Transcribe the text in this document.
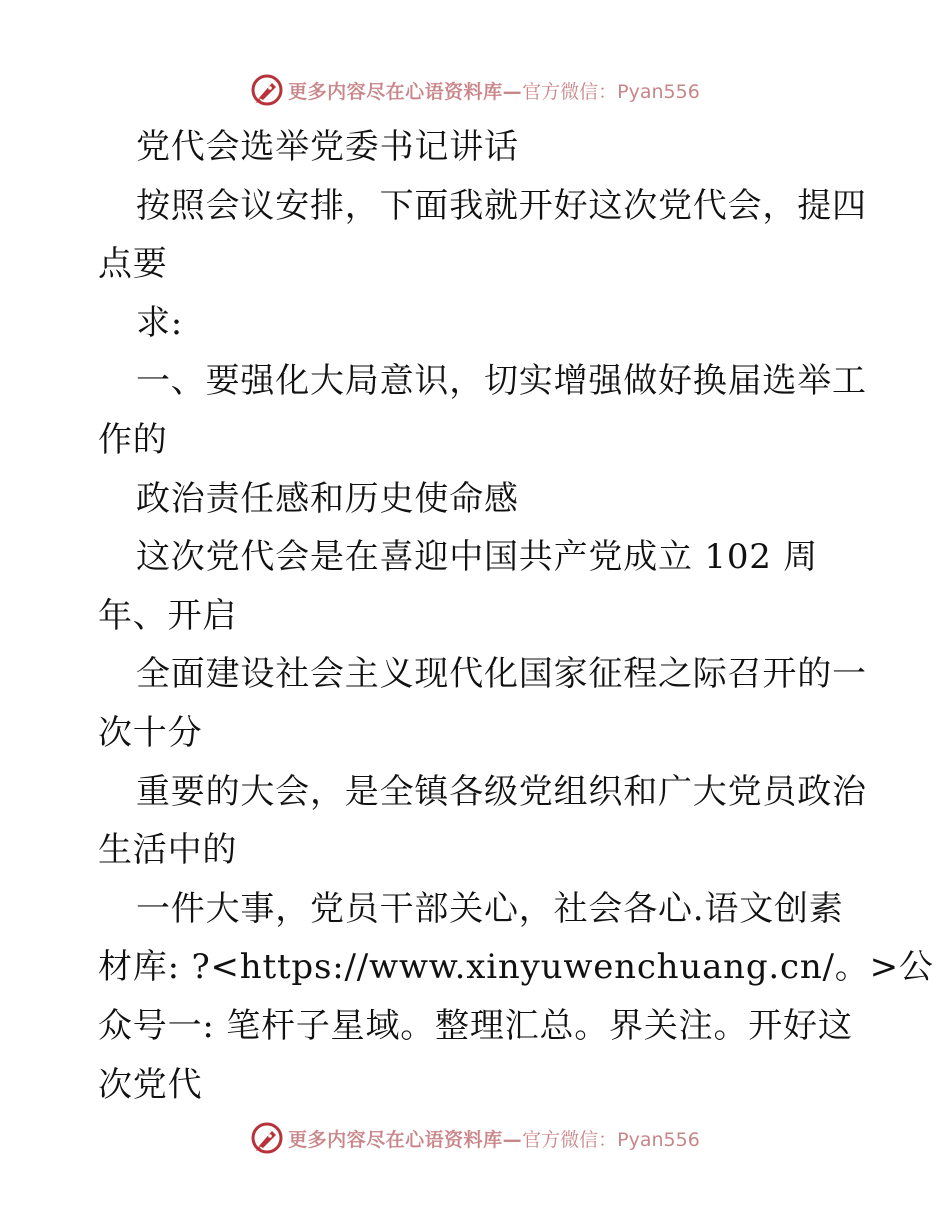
更多内容尽在心语资料库— 官方微信：Pyan556
党代会选举党委书记讲话
按照会议安排，下面我就开好这次党代会，提四
点要
求:
一、要强化大局意识，切实增强做好换届选举工
作的
政治责任感和历史使命感
这次党代会是在喜迎中国共产党成立 102 周
年、开启
全面建设社会主义现代化国家征程之际召开的一
次十分
重要的大会，是全镇各级党组织和广大党员政治
生活中的
一件大事，党员干部关心，社会各心.语文创素
材库: ?<https://www.xinyuwenchuang.cn/。>公
众号一: 笔杆子星域。整理汇总。界关注。开好这
次党代
更多内容尽在心语资料库— 官方微信：Pyan556
